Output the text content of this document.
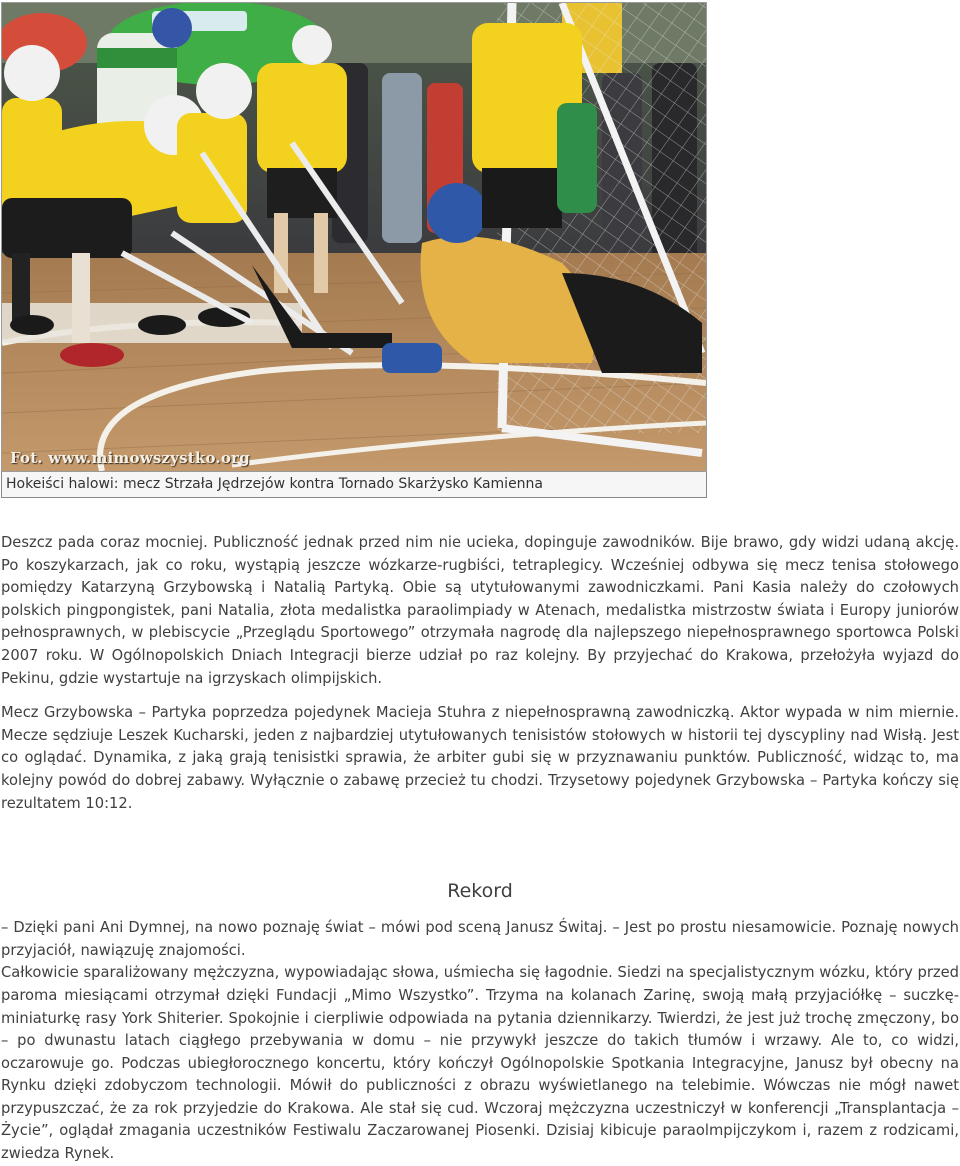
Fot. www.mimowszystko.org
Hokeiści halowi: mecz Strzała Jędrzejów kontra Tornado Skarżysko Kamienna

Deszcz pada coraz mocniej. Publiczność jednak przed nim nie ucieka, dopinguje zawodników. Bije brawo, gdy widzi udaną akcję. Po koszykarzach, jak co roku, wystąpią jeszcze wózkarze-rugbiści, tetraplegicy. Wcześniej odbywa się mecz tenisa stołowego pomiędzy Katarzyną Grzybowską i Natalią Partyką. Obie są utytułowanymi zawodniczkami. Pani Kasia należy do czołowych polskich pingpongistek, pani Natalia, złota medalistka paraolimpiady w Atenach, medalistka mistrzostw świata i Europy juniorów pełnosprawnych, w plebiscycie „Przeglądu Sportowego” otrzymała nagrodę dla najlepszego niepełnosprawnego sportowca Polski 2007 roku. W Ogólnopolskich Dniach Integracji bierze udział po raz kolejny. By przyjechać do Krakowa, przełożyła wyjazd do Pekinu, gdzie wystartuje na igrzyskach olimpijskich.

Mecz Grzybowska – Partyka poprzedza pojedynek Macieja Stuhra z niepełnosprawną zawodniczką. Aktor wypada w nim miernie. Mecze sędziuje Leszek Kucharski, jeden z najbardziej utytułowanych tenisistów stołowych w historii tej dyscypliny nad Wisłą. Jest co oglądać. Dynamika, z jaką grają tenisistki sprawia, że arbiter gubi się w przyznawaniu punktów. Publiczność, widząc to, ma kolejny powód do dobrej zabawy. Wyłącznie o zabawę przecież tu chodzi. Trzysetowy pojedynek Grzybowska – Partyka kończy się rezultatem 10:12.

Rekord

– Dzięki pani Ani Dymnej, na nowo poznaję świat – mówi pod sceną Janusz Świtaj. – Jest po prostu niesamowicie. Poznaję nowych przyjaciół, nawiązuję znajomości.

Całkowicie sparaliżowany mężczyzna, wypowiadając słowa, uśmiecha się łagodnie. Siedzi na specjalistycznym wózku, który przed paroma miesiącami otrzymał dzięki Fundacji „Mimo Wszystko”. Trzyma na kolanach Zarinę, swoją małą przyjaciółkę – suczkę-miniaturkę rasy York Shiterier. Spokojnie i cierpliwie odpowiada na pytania dziennikarzy. Twierdzi, że jest już trochę zmęczony, bo – po dwunastu latach ciągłego przebywania w domu – nie przywykł jeszcze do takich tłumów i wrzawy. Ale to, co widzi, oczarowuje go. Podczas ubiegłorocznego koncertu, który kończył Ogólnopolskie Spotkania Integracyjne, Janusz był obecny na Rynku dzięki zdobyczom technologii. Mówił do publiczności z obrazu wyświetlanego na telebimie. Wówczas nie mógł nawet przypuszczać, że za rok przyjedzie do Krakowa. Ale stał się cud. Wczoraj mężczyzna uczestniczył w konferencji „Transplantacja – Życie”, oglądał zmagania uczestników Festiwalu Zaczarowanej Piosenki. Dzisiaj kibicuje paraolmpijczykom i, razem z rodzicami, zwiedza Rynek.
